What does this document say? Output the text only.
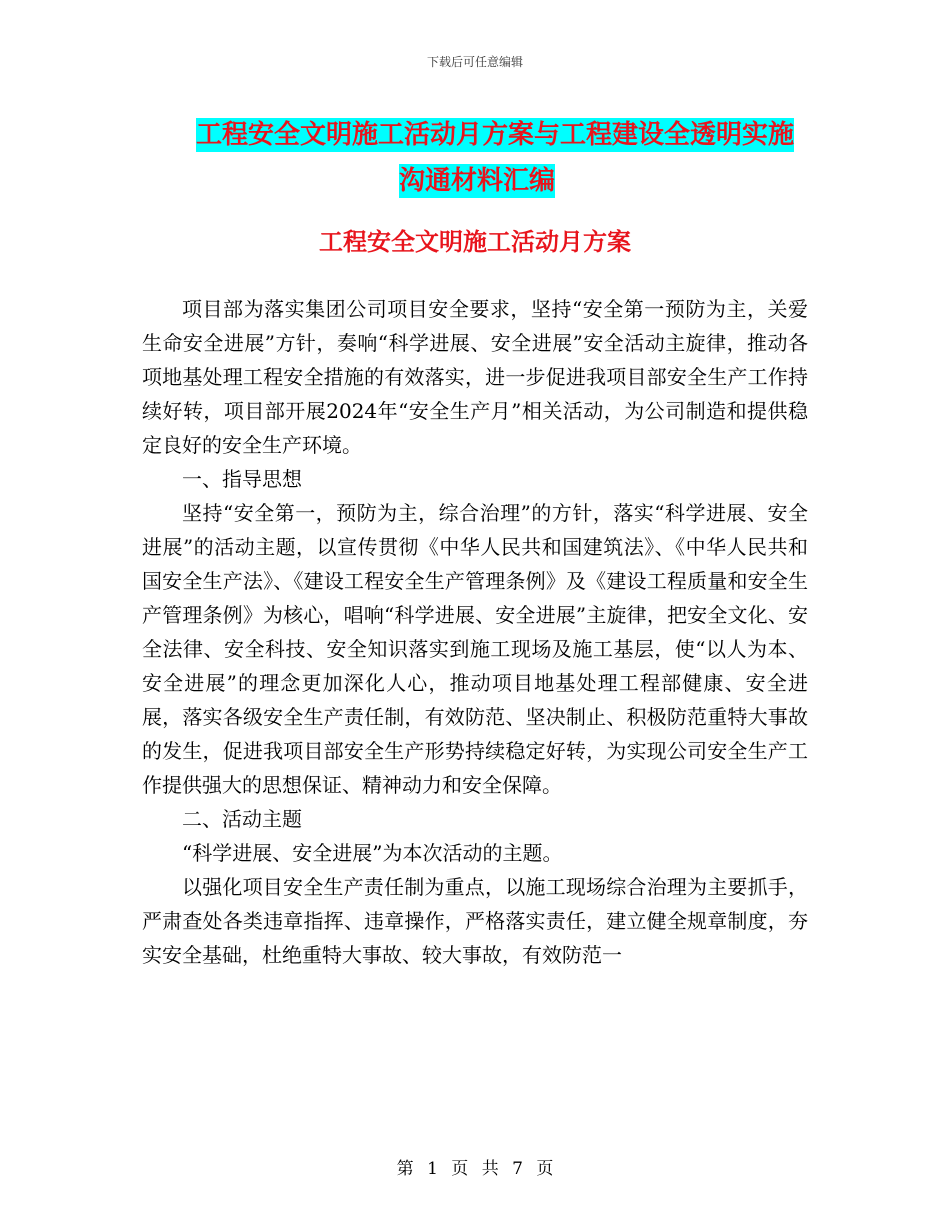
下载后可任意编辑
工程安全文明施工活动月方案与工程建设全透明实施
沟通材料汇编
工程安全文明施工活动月方案

项目部为落实集团公司项目安全要求，坚持“安全第一预防为主，关爱生命安全进展”方针，奏响“科学进展、安全进展”安全活动主旋律，推动各项地基处理工程安全措施的有效落实，进一步促进我项目部安全生产工作持续好转，项目部开展2024年“安全生产月”相关活动，为公司制造和提供稳定良好的安全生产环境。

一、指导思想

坚持“安全第一，预防为主，综合治理”的方针，落实“科学进展、安全进展”的活动主题，以宣传贯彻《中华人民共和国建筑法》、《中华人民共和国安全生产法》、《建设工程安全生产管理条例》及《建设工程质量和安全生产管理条例》为核心，唱响“科学进展、安全进展”主旋律，把安全文化、安全法律、安全科技、安全知识落实到施工现场及施工基层，使“以人为本、安全进展”的理念更加深化人心，推动项目地基处理工程部健康、安全进展，落实各级安全生产责任制，有效防范、坚决制止、积极防范重特大事故的发生，促进我项目部安全生产形势持续稳定好转，为实现公司安全生产工作提供强大的思想保证、精神动力和安全保障。

二、活动主题

“科学进展、安全进展”为本次活动的主题。

以强化项目安全生产责任制为重点，以施工现场综合治理为主要抓手，严肃查处各类违章指挥、违章操作，严格落实责任，建立健全规章制度，夯实安全基础，杜绝重特大事故、较大事故，有效防范一

第 1 页 共 7 页
